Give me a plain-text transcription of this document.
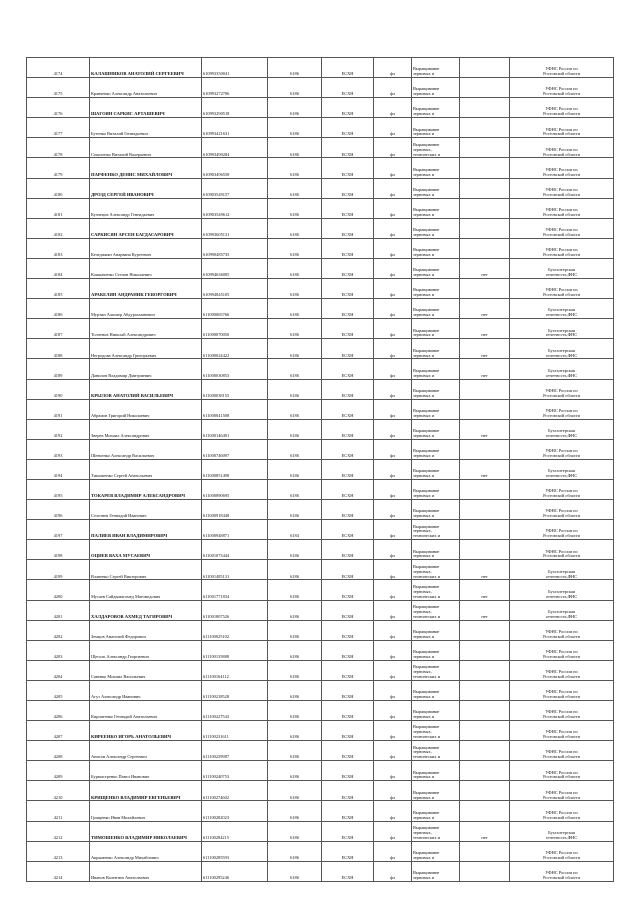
4174	КАЛАШНИКОВ АНАТОЛИЙ СЕРГЕЕВИЧ	610993350041	6186	ЕСХН	фл	Выращивание
зерновых и		УФНС России по
Ростовской области

4175	Кравченко Александр Анатольевич	610993272706	6186	ЕСХН	фл	Выращивание
зерновых и		УФНС России по
Ростовской области

4176	ШАГОЯН САРКИС АРТАШЕВИЧ	610993290518	6186	ЕСХН	фл	Выращивание
зерновых и		УФНС России по
Ростовской области

4177	Бутенко Виталий Геннадьевич	610993421631	6186	ЕСХН	фл	Выращивание
зерновых и		УФНС России по
Ростовской области

4178	Соколенко Виталий Валерьевич	610993490284	6186	ЕСХН	фл	Выращивание
зерновых,
технических и		УФНС России по
Ростовской области

4179	ПАРФЕНКО ДЕНИС МИХАЙЛОВИЧ	610903496558	6186	ЕСХН	фл	Выращивание
зерновых и		УФНС России по
Ростовской области

4180	ДРОЗД СЕРГЕЙ ИВАНОВИЧ	610903549157	6186	ЕСХН	фл	Выращивание
зерновых и		УФНС России по
Ростовской области

4181	Кузнецов Александр Геннадьевич	610903549612	6186	ЕСХН	фл	Выращивание
зерновых и		УФНС России по
Ростовской области

4182	САРКИСЯН АРСЕН БАГДАСАРОВИЧ	610993605131	6186	ЕСХН	фл	Выращивание
зерновых и		УФНС России по
Ростовской области

4183	Кечеджиян Анарвана Кургеевич	610990485735	6186	ЕСХН	фл	Выращивание
зерновых и		УФНС России по
Ростовской области

4184	Кошкаченко Степан Николаевич	610994636085	6186	ЕСХН	фл	Выращивание
зерновых и	нет	Бухгалтерская
отчетность,ФНС

4185	АРАКЕЛЯН АНДРАНИК ГЕВОРГОВИЧ	610994845105	6186	ЕСХН	фл	Выращивание
зерновых и		УФНС России по
Ростовской области

4186	Мурзин Алишер Абдурахманович	611000065766	6186	ЕСХН	фл	Выращивание
зерновых и	нет	Бухгалтерская
отчетность,ФНС

4187	Толченов Николай Александрович	611000070050	6186	ЕСХН	фл	Выращивание
зерновых и	нет	Бухгалтерская
отчетность,ФНС

4188	Негродова Александр Григорьевич	611000024422	6186	ЕСХН	фл	Выращивание
зерновых и	нет	Бухгалтерская
отчетность,ФНС

4189	Данилов Владимир Дмитриевич	611000030853	6186	ЕСХН	фл	Выращивание
зерновых и	нет	Бухгалтерская
отчетность,ФНС

4190	КРЫЛОВ АНАТОЛИЙ ВАСИЛЬЕВИЧ	611000038155	6186	ЕСХН	фл	Выращивание
зерновых и		УФНС России по
Ростовской области

4191	Абрамов Григорий Николаевич	611000041508	6186	ЕСХН	фл	Выращивание
зерновых и		УФНС России по
Ростовской области

4192	Зверев Михаил Александрович	611000146491	6186	ЕСХН	фл	Выращивание
зерновых и	нет	Бухгалтерская
отчетность,ФНС

4193	Шевченко Александр Васильевич	611000746097	6186	ЕСХН	фл	Выращивание
зерновых и		УФНС России по
Ростовской области

4194	Тимошенко Сергей Анатольевич	611000851498	6186	ЕСХН	фл	Выращивание
зерновых и	нет	Бухгалтерская
отчетность,ФНС

4195	ТОКАРЕВ ВЛАДИМИР АЛЕКСАНДРОВИЧ	611000890695	6186	ЕСХН	фл	Выращивание
зерновых и		УФНС России по
Ростовской области

4196	Селезнев Геннадий Иванович	611000918448	6186	ЕСХН	фл	Выращивание
зерновых и		УФНС России по
Ростовской области

4197	ПАЛИЕВ ИВАН ВЛАДИМИРОВИЧ	611000948871	6184	ЕСХН	фл	Выращивание
зерновых,
технических и		УФНС России по
Ростовской области

4198	ОЦИЕВ ВАХА МУСАЕВИЧ	611001073444	6186	ЕСХН	фл	Выращивание
зерновых и		УФНС России по
Ростовской области

4199	Влавенко Сергей Викторович	611001485131	6186	ЕСХН	фл	Выращивание
зерновых,
технических и	нет	Бухгалтерская
отчетность,ФНС

4200	Мусаев Сайдымагомед Магомедович	611001771834	6186	ЕСХН	фл	Выращивание
зерновых,
технических и	нет	Бухгалтерская
отчетность,ФНС

4201	ХАЛДАРОВОВ АХМЕД ТАГИРОВИЧ	611001807526	6186	ЕСХН	фл	Выращивание
зерновых,
технических и	нет	Бухгалтерская
отчетность,ФНС

4202	Земцов Анатолий Федорович	611100025102	6186	ЕСХН	фл	Выращивание
зерновых и		УФНС России по
Ростовской области

4203	Щеголь Александр Георгиевич	611100135888	6186	ЕСХН	фл	Выращивание
зерновых и		УФНС России по
Ростовской области

4204	Савенко Михаил Васильевич	611100164112	6186	ЕСХН	фл	Выращивание
зерновых,
технических и		УФНС России по
Ростовской области

4205	Агуз Александр Иванович	611100218528	6186	ЕСХН	фл	Выращивание
зерновых и		УФНС России по
Ростовской области

4206	Кирпатенко Геннадий Анатольевич	611100227543	6186	ЕСХН	фл	Выращивание
зерновых и		УФНС России по
Ростовской области

4207	КИРЕЕНКО ИГОРЬ АНАТОЛЬЕВИЧ	611100231611	6186	ЕСХН	фл	Выращивание
зерновых,
технических и		УФНС России по
Ростовской области

4208	Анисов Александр Сергеевич	611100239987	6186	ЕСХН	фл	Выращивание
зерновых,
технических и		УФНС России по
Ростовской области

4209	Бурмистренко Павел Иванович	611100240753	6186	ЕСХН	фл	Выращивание
зерновых и		УФНС России по
Ростовской области

4210	КРИЩЕНКО ВЛАДИМИР ЕВГЕНЬЕВИЧ	611100274602	6186	ЕСХН	фл	Выращивание
зерновых и		УФНС России по
Ростовской области

4211	Грищенко Иван Михайлович	611100282023	6186	ЕСХН	фл	Выращивание
зерновых и		УФНС России по
Ростовской области

4212	ТИМОШЕНКО ВЛАДИМИР НИКОЛАЕВИЧ	611100284215	6186	ЕСХН	фл	Выращивание
зерновых,
технических и	нет	Бухгалтерская
отчетность,ФНС

4213	Акрыменко Александр Михайлович	611100285593	6186	ЕСХН	фл	Выращивание
зерновых и		УФНС России по
Ростовской области

4214	Иванов Валентин Анатольевич	611100295246	6186	ЕСХН	фл	Выращивание
зерновых и		УФНС России по
Ростовской области
